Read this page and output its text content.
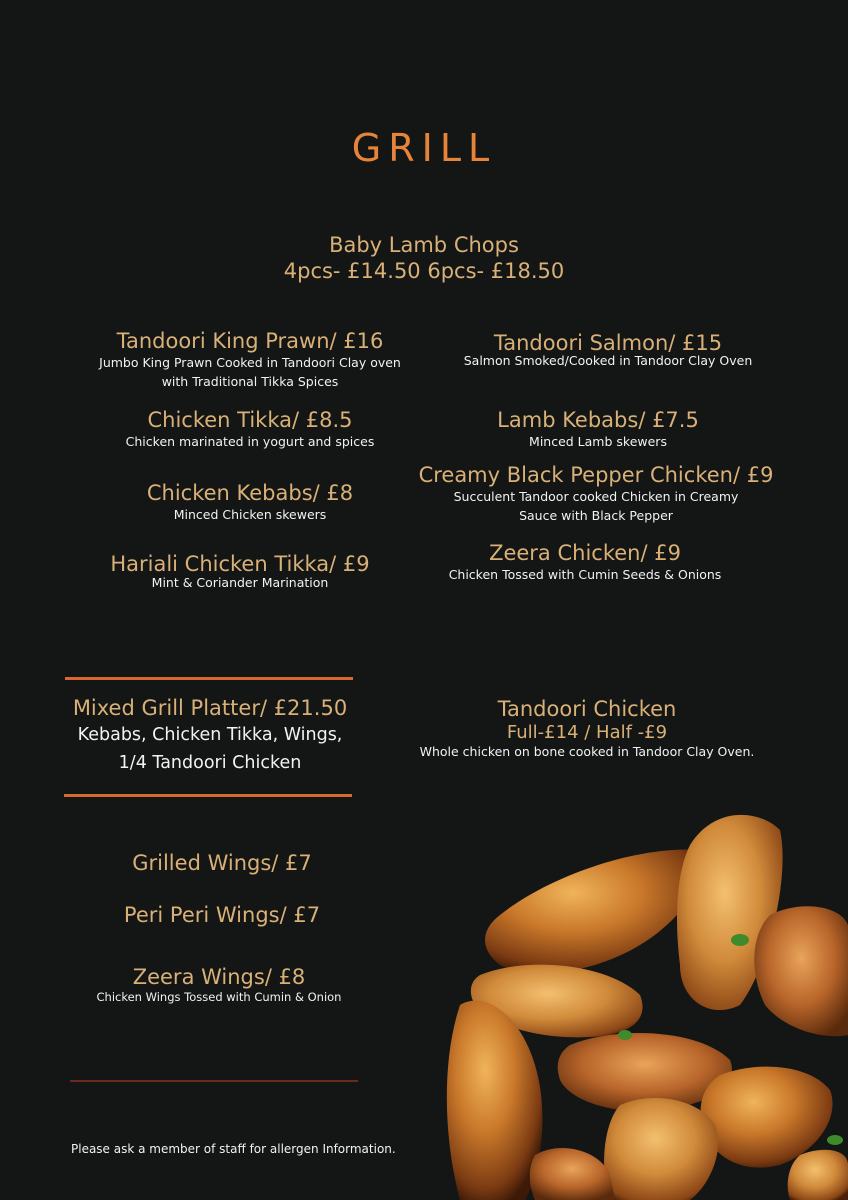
GRILL
Baby Lamb Chops
4pcs- £14.50 6pcs- £18.50
Tandoori King Prawn/ £16
Jumbo King Prawn Cooked in Tandoori Clay oven
with Traditional Tikka Spices
Chicken Tikka/ £8.5
Chicken marinated in yogurt and spices
Chicken Kebabs/ £8
Minced Chicken skewers
Hariali Chicken Tikka/ £9
Mint & Coriander Marination
Tandoori Salmon/ £15
Salmon Smoked/Cooked in Tandoor Clay Oven
Lamb Kebabs/ £7.5
Minced Lamb skewers
Creamy Black Pepper Chicken/ £9
Succulent Tandoor cooked Chicken in Creamy
Sauce with Black Pepper
Zeera Chicken/ £9
Chicken Tossed with Cumin Seeds & Onions
Mixed Grill Platter/ £21.50
Kebabs, Chicken Tikka, Wings,
1/4 Tandoori Chicken
Tandoori Chicken
Full-£14 / Half -£9
Whole chicken on bone cooked in Tandoor Clay Oven.
Grilled Wings/ £7
Peri Peri Wings/ £7
Zeera Wings/ £8
Chicken Wings Tossed with Cumin & Onion
Please ask a member of staff for allergen Information.
